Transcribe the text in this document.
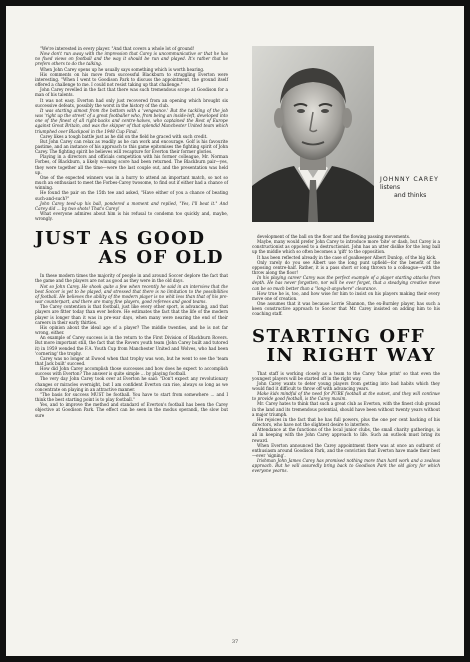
"We're interested in every player. "And that covers a whole lot of ground!

Now don't run away with the impression that Carey is uncommunicative or that he has no fixed views on football and the way it should be run and played. It's rather that he prefers others to do the talking.

When John Carey opens up he usually says something which is worth hearing.

His comments on his move from successful Blackburn to struggling Everton were interesting. "When I went to Goodison Park to discuss the appointment, the ground itself offered a challenge to me. I could not resist taking up that challenge."

John Carey revelled in the fact that there was such tremendous scope at Goodison for a man of his talents.

It was not easy. Everton had only just recovered from an opening which brought six successive defeats, possibly the worst in the history of the club.

It was starting almost from the bottom with a 'vengeance.' But the tackling of the job was 'right up the street' of a great footballer who, from being an inside-left, developed into one of the finest of all right-backs and centre-halves, who captained the Rest of Europe against Great Britain, and was the skipper of that splendid Manchester United team which triumphed over Blackpool in the 1948 Cup Final.

Carey likes a tough battle just as he did on the field he graced with such credit.

But John Carey can relax as readily as he can work and encourage. Golf is his favourite pastime, and an instance of his approach to this game epitomises the fighting spirit of John Carey. The fighting spirit he believes will recapture for Everton their former glories.

Playing in a directors and officials competition with his former colleague, Mr. Norman Forbes, of Blackburn, a likely winning score had been returned. The Blackburn pair—yes, they were together all the time—were the last couple out, and the presentation was held up.

One of the expected winners was in a hurry to attend an important match, so not so much an enthusiast to meet the Forbes-Carey twosome, to find out if either had a chance of winning.

He found the pair on the 15th tee and asked, "Have either of you a chance of beating such-and-such?"

John Carey teed-up his ball, pondered a moment and replied, "Yes, I'll beat it." And Carey did ... by two shots! That's Carey!

What everyone admires about him is his refusal to condemn too quickly and, maybe, wrongly.

JUST AS GOOD
AS OF OLD

In these modern times the majority of people in and around Soccer deplore the fact that the game and the players are not as good as they were in the old days.

Not so John Carey. He shook quite a few when recently he said in an interview that the best Soccer is yet to be played, and stressed that there is no limitation to the possibilities of football. He believes the ability of the modern player is no whit less than that of his pre-war counterpart, and there are many fine players, good referees and good teams.

The Carey contention is that football, just like every other sport, is advancing, and that players are fitter today than ever before. He estimates the fact that the life of the modern player is longer than it was in pre-war days, when many were nearing the end of their careers in their early thirties.

His opinion about the ideal age of a player? The middle twenties, and he is not far wrong, either.

An example of Carey success is in the return to the First Division of Blackburn Rovers. But more important still, the fact that the Rovers youth team (John Carey built and tutored it) in 1959 wended the F.A. Youth Cup from Manchester United and Wolves, who had been 'cornering' the trophy.

Carey was no longer at Ewood when that trophy was won, but he went to see the 'team that Jack built' succeed.

How did John Carey accomplish those successes and how does he expect to accomplish success with Everton? The answer is quite simple ... by playing football.

The very day John Carey took over at Everton he said: "Don't expect any revolutionary changes or miracles overnight, but I am confident Everton can rise, always so long as we concentrate on playing in an attractive manner.

"The basis for success MUST be football. You have to start from somewhere ... and I think the best starting point is to play football."

Yes, and to improve the method and standard of Everton's football has been the Carey objective at Goodison Park. The effect can be seen in the modus operandi, the slow but sure

JOHNNY CAREY listens
and thinks

development of the ball on the floor and the flowing passing movements.

Maybe, many would prefer John Carey to introduce more 'bite' or dash, but Carey is a constructionist as opposed to a destructionist. John has an utter dislike for the long ball up the middle which so often becomes a 'gift' to the opposition.

It has been reflected already in the case of goalkeeper Albert Dunlop, of the big kick.

Only rarely do you see Albert use the long punt upfield—for the benefit of the opposing centre-half. Rather, it is a pass short or long thrown to a colleague—with the throw along the floor!

In his playing career Carey was the perfect example of a player starting attacks from depth. He has never forgotten, nor will he ever forget, that a steadying creative move can be so much better than a "long-it-anywhere" clearance.

How true he is, too, and how wise for him to insist on his players making their every move one of creation.

One assumes that it was because Lorrie Shannon, the ex-Burnley player, has such a keen constructive approach to Soccer that Mr. Carey insisted on adding him to his coaching staff.

STARTING OFF
IN RIGHT WAY

That staff is working closely as a team to the Carey 'blue print' so that even the youngest players will be started off in the right way.

John Carey wants to deter young players from getting into bad habits which they would find it difficult to throw off with advancing years.

Make kids mindful of the need for PURE football at the outset, and they will continue to provide good football, is the Carey maxim.

Mr. Carey hates to think that such a great club as Everton, with the finest club ground in the land and its tremendous potential, should have been without twenty years without a major triumph.

He rejoices in the fact that he has full powers, plus the one per cent backing of his directors, who have not the slightest desire to interfere.

Attendance at the functions of the local junior clubs, the small charity gatherings, is all in keeping with the John Carey approach to life. Such an outlook must bring its reward.

When Everton announced the Carey appointment there was at once an outburst of enthusiasm around Goodison Park, and the conviction that Everton have made their best—ever 'signing'.

Irishman John James Carey has promised nothing more than hard work and a zealous approach. But he will assuredly bring back to Goodison Park the old glory for which everyone yearns.

37
